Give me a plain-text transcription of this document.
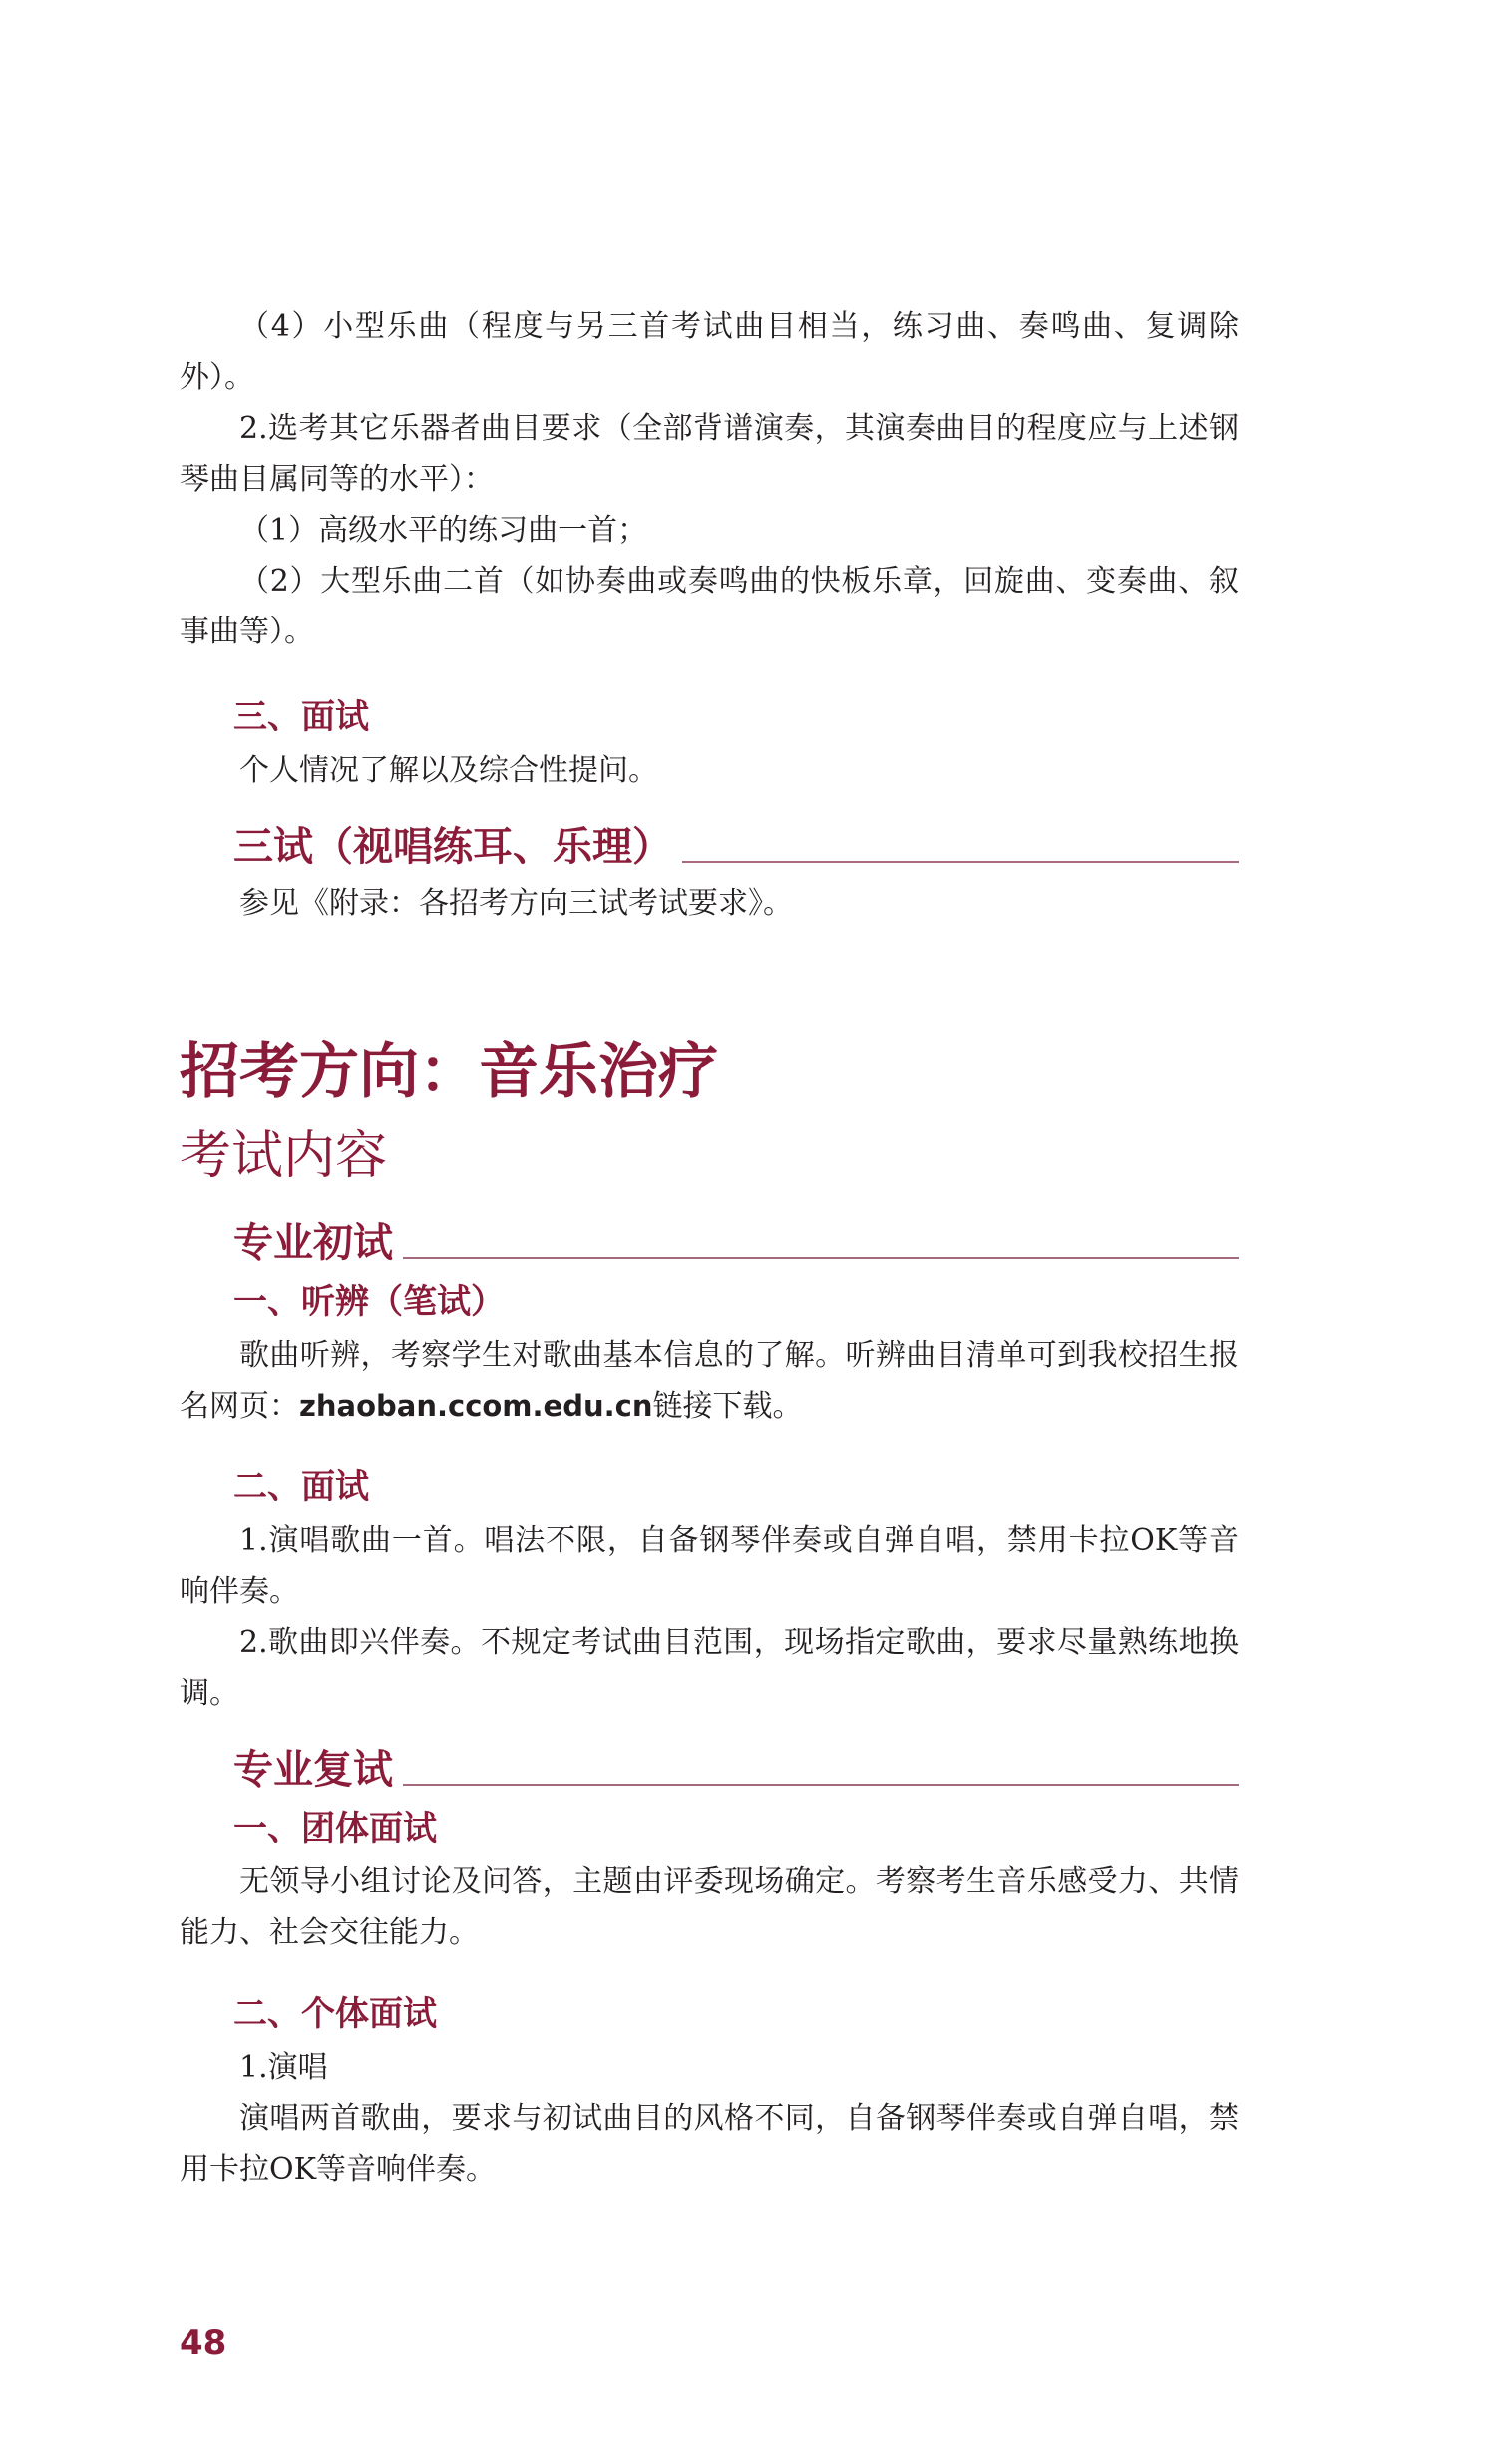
（4）小型乐曲（程度与另三首考试曲目相当，练习曲、奏鸣曲、复调除外）。

2.选考其它乐器者曲目要求（全部背谱演奏，其演奏曲目的程度应与上述钢琴曲目属同等的水平）：

（1）高级水平的练习曲一首；

（2）大型乐曲二首（如协奏曲或奏鸣曲的快板乐章，回旋曲、变奏曲、叙事曲等）。

三、面试

个人情况了解以及综合性提问。

三试（视唱练耳、乐理）

参见《附录：各招考方向三试考试要求》。

招考方向：音乐治疗

考试内容

专业初试

一、听辨（笔试）

歌曲听辨，考察学生对歌曲基本信息的了解。听辨曲目清单可到我校招生报名网页：zhaoban.ccom.edu.cn链接下载。

二、面试

1.演唱歌曲一首。唱法不限，自备钢琴伴奏或自弹自唱，禁用卡拉OK等音响伴奏。

2.歌曲即兴伴奏。不规定考试曲目范围，现场指定歌曲，要求尽量熟练地换调。

专业复试

一、团体面试

无领导小组讨论及问答，主题由评委现场确定。考察考生音乐感受力、共情能力、社会交往能力。

二、个体面试

1.演唱

演唱两首歌曲，要求与初试曲目的风格不同，自备钢琴伴奏或自弹自唱，禁用卡拉OK等音响伴奏。

48
